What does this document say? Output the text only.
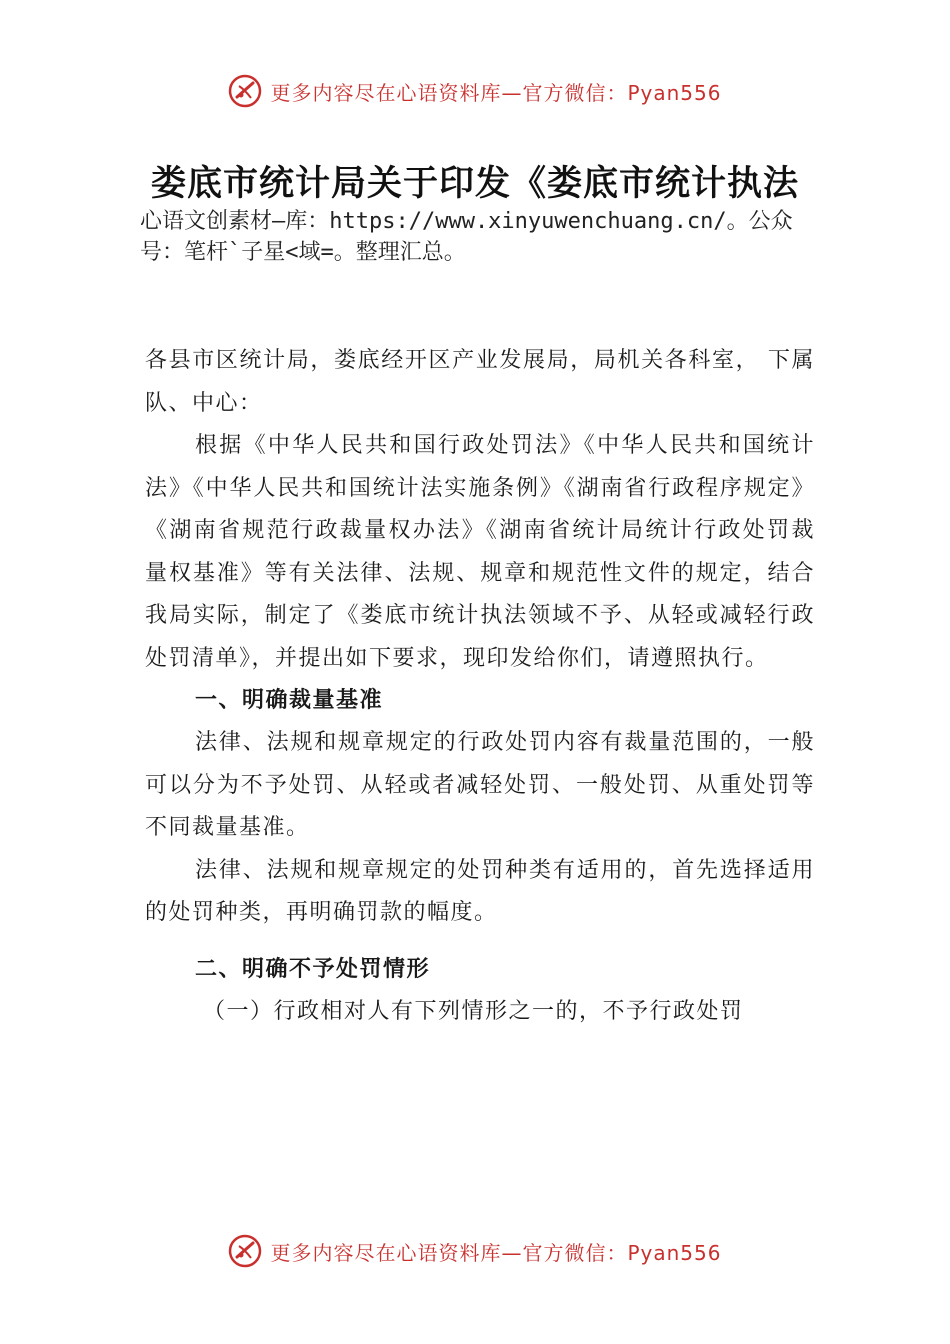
更多内容尽在心语资料库—官方微信：Pyan556
娄底市统计局关于印发《娄底市统计执法

心语文创素材—库：https://www.xinyuwenchuang.cn/。公众号：笔杆`子星<域=。整理汇总。

各县市区统计局，娄底经开区产业发展局，局机关各科室， 下属队、中心：

根据《中华人民共和国行政处罚法》《中华人民共和国统计法》《中华人民共和国统计法实施条例》《湖南省行政程序规定》《湖南省规范行政裁量权办法》《湖南省统计局统计行政处罚裁量权基准》等有关法律、法规、规章和规范性文件的规定，结合我局实际，制定了《娄底市统计执法领域不予、从轻或减轻行政处罚清单》，并提出如下要求，现印发给你们，请遵照执行。

一、明确裁量基准

法律、法规和规章规定的行政处罚内容有裁量范围的，一般可以分为不予处罚、从轻或者减轻处罚、一般处罚、从重处罚等不同裁量基准。

法律、法规和规章规定的处罚种类有适用的，首先选择适用的处罚种类，再明确罚款的幅度。

二、明确不予处罚情形

（一）行政相对人有下列情形之一的，不予行政处罚

更多内容尽在心语资料库—官方微信：Pyan556
